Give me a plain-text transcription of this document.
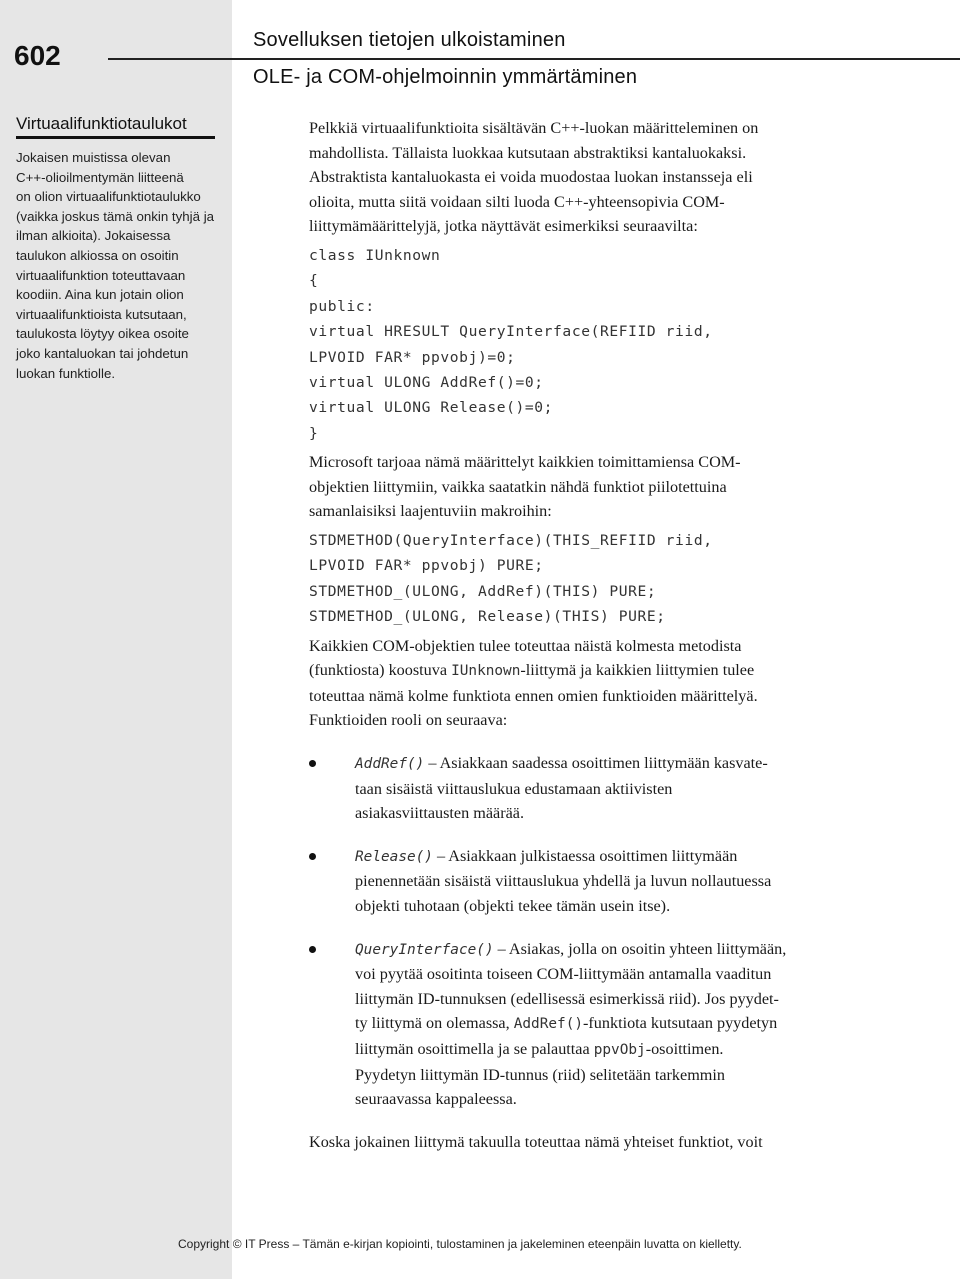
602	Sovelluksen tietojen ulkoistaminen
OLE- ja COM-ohjelmoinnin ymmärtäminen
Virtuaalifunktiotaulukot
Jokaisen muistissa olevan
C++-olioilmentymän liitteenä
on olion virtuaalifunktiotaulukko
(vaikka joskus tämä onkin tyhjä ja
ilman alkioita). Jokaisessa
taulukon alkiossa on osoitin
virtuaalifunktion toteuttavaan
koodiin. Aina kun jotain olion
virtuaalifunktioista kutsutaan,
taulukosta löytyy oikea osoite
joko kantaluokan tai johdetun
luokan funktiolle.
Pelkkiä virtuaalifunktioita sisältävän C++-luokan määritteleminen on
mahdollista. Tällaista luokkaa kutsutaan abstraktiksi kantaluokaksi.
Abstraktista kantaluokasta ei voida muodostaa luokan instansseja eli
olioita, mutta siitä voidaan silti luoda C++-yhteensopivia COM-
liittymämäärittelyjä, jotka näyttävät esimerkiksi seuraavilta:
class IUnknown
{
public:
virtual HRESULT QueryInterface(REFIID riid,
LPVOID FAR* ppvobj)=0;
virtual ULONG AddRef()=0;
virtual ULONG Release()=0;
}
Microsoft tarjoaa nämä määrittelyt kaikkien toimittamiensa COM-
objektien liittymiin, vaikka saatatkin nähdä funktiot piilotettuina
samanlaisiksi laajentuviin makroihin:
STDMETHOD(QueryInterface)(THIS_REFIID riid,
LPVOID FAR* ppvobj) PURE;
STDMETHOD_(ULONG, AddRef)(THIS) PURE;
STDMETHOD_(ULONG, Release)(THIS) PURE;
Kaikkien COM-objektien tulee toteuttaa näistä kolmesta metodista
(funktiosta) koostuva IUnknown-liittymä ja kaikkien liittymien tulee
toteuttaa nämä kolme funktiota ennen omien funktioiden määrittelyä.
Funktioiden rooli on seuraava:
AddRef() – Asiakkaan saadessa osoittimen liittymään kasvate-
taan sisäistä viittauslukua edustamaan aktiivisten
asiakasviittausten määrää.
Release() – Asiakkaan julkistaessa osoittimen liittymään
pienennetään sisäistä viittauslukua yhdellä ja luvun nollautuessa
objekti tuhotaan (objekti tekee tämän usein itse).
QueryInterface() – Asiakas, jolla on osoitin yhteen liittymään,
voi pyytää osoitinta toiseen COM-liittymään antamalla vaaditun
liittymän ID-tunnuksen (edellisessä esimerkissä riid). Jos pyydet-
ty liittymä on olemassa, AddRef()-funktiota kutsutaan pyydetyn
liittymän osoittimella ja se palauttaa ppvObj-osoittimen.
Pyydetyn liittymän ID-tunnus (riid) selitetään tarkemmin
seuraavassa kappaleessa.
Koska jokainen liittymä takuulla toteuttaa nämä yhteiset funktiot, voit
Copyright © IT Press – Tämän e-kirjan kopiointi, tulostaminen ja jakeleminen eteenpäin luvatta on kielletty.
